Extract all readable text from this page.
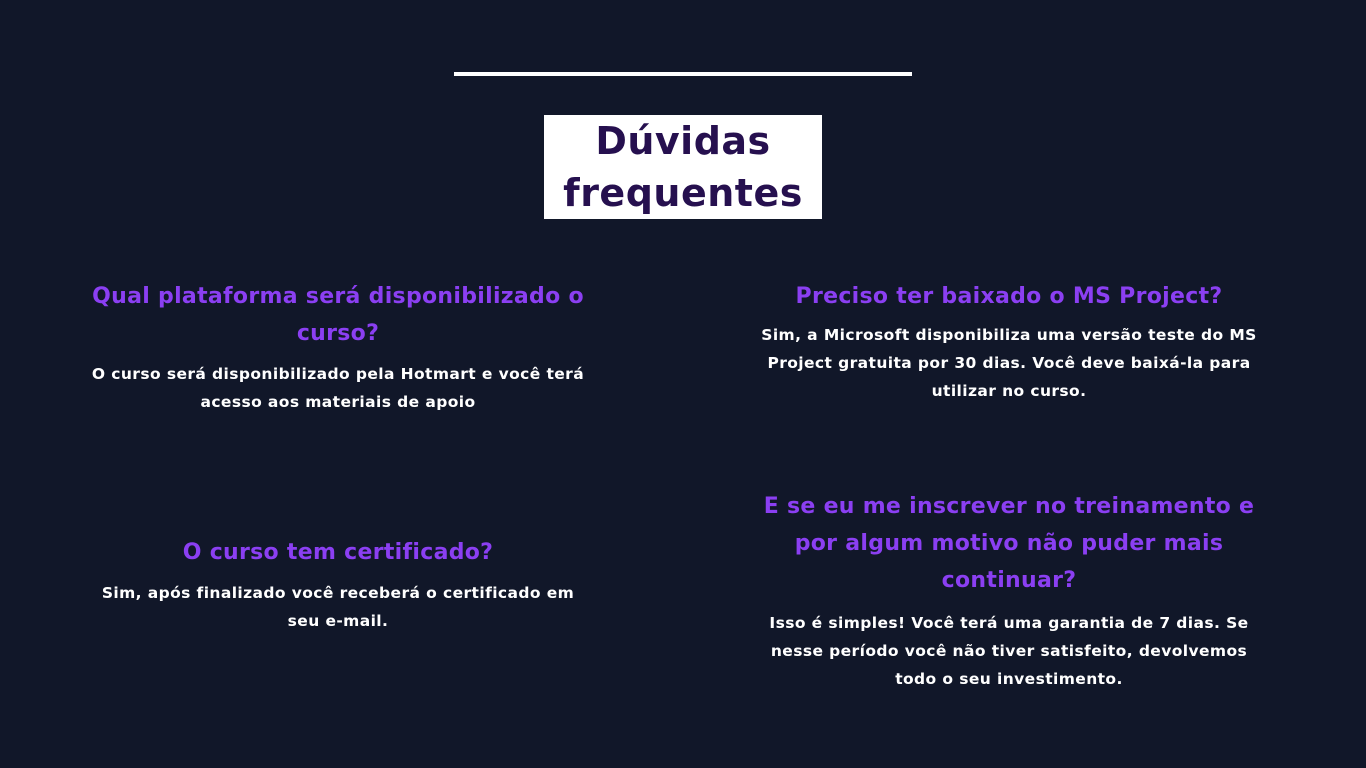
Dúvidas
frequentes
Qual plataforma será disponibilizado o curso?

O curso será disponibilizado pela Hotmart e você terá acesso aos materiais de apoio

Preciso ter baixado o MS Project?

Sim, a Microsoft disponibiliza uma versão teste do MS Project gratuita por 30 dias. Você deve baixá-la para utilizar no curso.

O curso tem certificado?

Sim, após finalizado você receberá o certificado em seu e-mail.

E se eu me inscrever no treinamento e por algum motivo não puder mais continuar?

Isso é simples! Você terá uma garantia de 7 dias. Se nesse período você não tiver satisfeito, devolvemos todo o seu investimento.
